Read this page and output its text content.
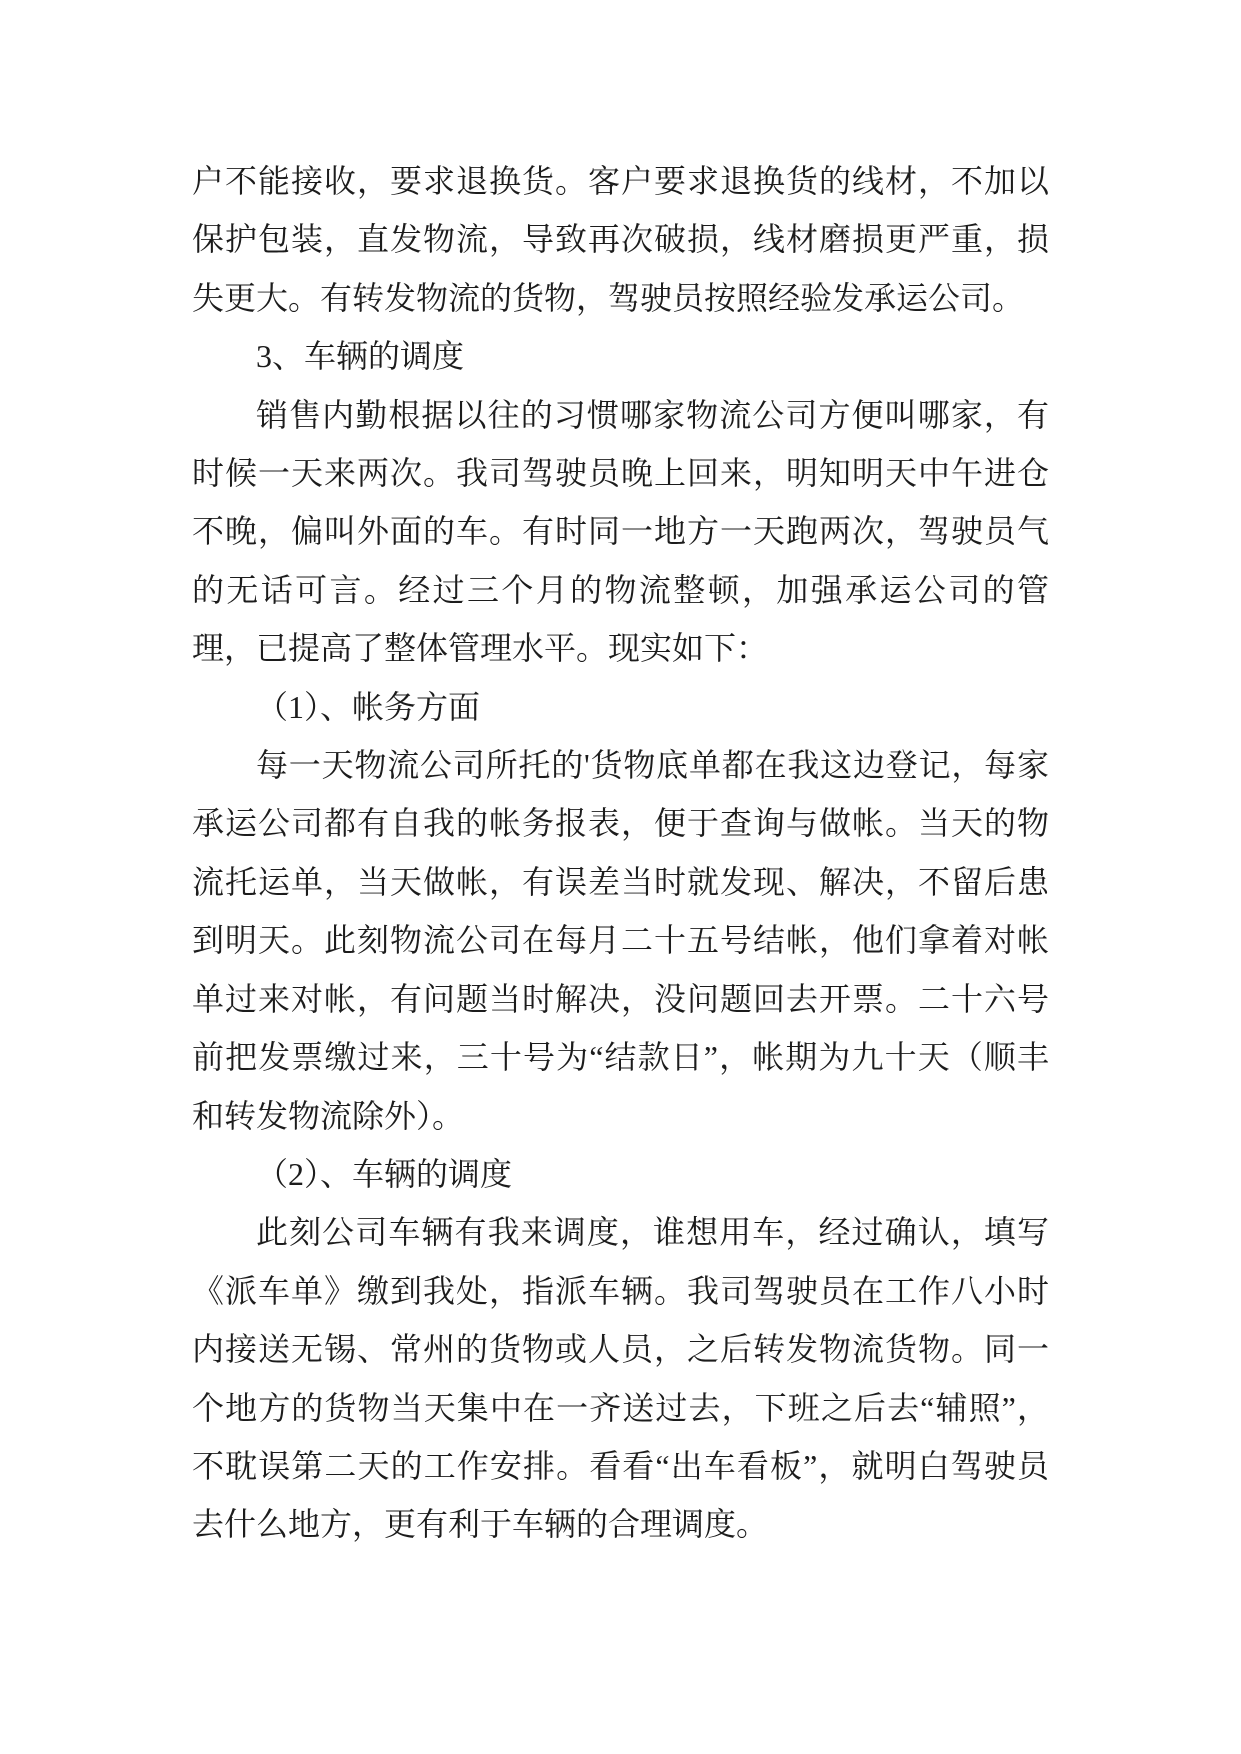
户不能接收，要求退换货。客户要求退换货的线材，不加以保护包装，直发物流，导致再次破损，线材磨损更严重，损失更大。有转发物流的货物，驾驶员按照经验发承运公司。

3、车辆的调度

销售内勤根据以往的习惯哪家物流公司方便叫哪家，有时候一天来两次。我司驾驶员晚上回来，明知明天中午进仓不晚，偏叫外面的车。有时同一地方一天跑两次，驾驶员气的无话可言。经过三个月的物流整顿，加强承运公司的管理，已提高了整体管理水平。现实如下：

（1）、帐务方面

每一天物流公司所托的'货物底单都在我这边登记，每家承运公司都有自我的帐务报表，便于查询与做帐。当天的物流托运单，当天做帐，有误差当时就发现、解决，不留后患到明天。此刻物流公司在每月二十五号结帐，他们拿着对帐单过来对帐，有问题当时解决，没问题回去开票。二十六号前把发票缴过来，三十号为“结款日”，帐期为九十天（顺丰和转发物流除外）。

（2）、车辆的调度

此刻公司车辆有我来调度，谁想用车，经过确认，填写《派车单》缴到我处，指派车辆。我司驾驶员在工作八小时内接送无锡、常州的货物或人员，之后转发物流货物。同一个地方的货物当天集中在一齐送过去，下班之后去“辅照”，不耽误第二天的工作安排。看看“出车看板”，就明白驾驶员去什么地方，更有利于车辆的合理调度。
